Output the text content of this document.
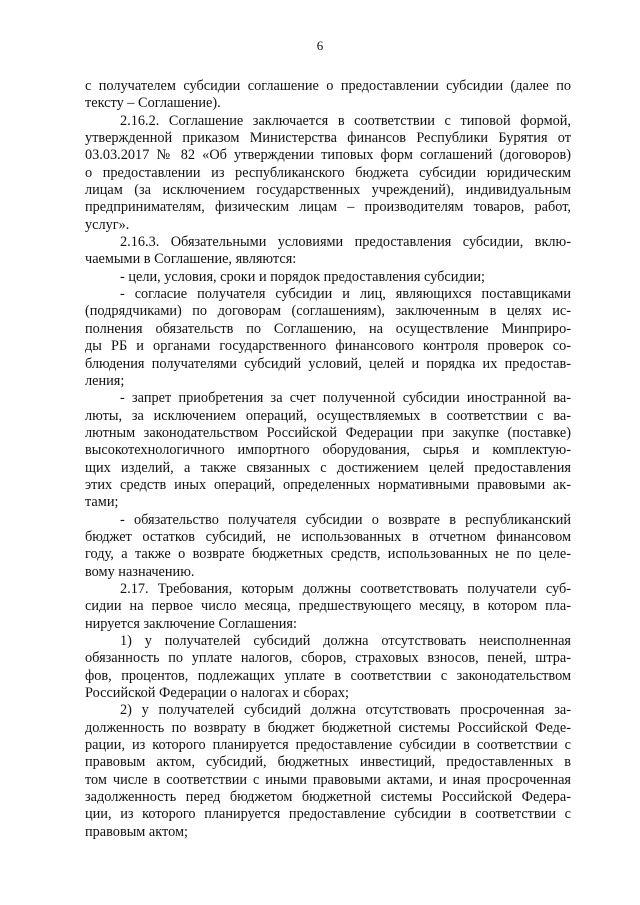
6
с получателем субсидии соглашение о предоставлении субсидии (далее по
тексту – Соглашение).
2.16.2. Соглашение заключается в соответствии с типовой формой,
утвержденной приказом Министерства финансов Республики Бурятия от
03.03.2017 № 82 «Об утверждении типовых форм соглашений (договоров)
о предоставлении из республиканского бюджета субсидии юридическим
лицам (за исключением государственных учреждений), индивидуальным
предпринимателям, физическим лицам – производителям товаров, работ,
услуг».
2.16.3. Обязательными условиями предоставления субсидии, вклю-
чаемыми в Соглашение, являются:
- цели, условия, сроки и порядок предоставления субсидии;
- согласие получателя субсидии и лиц, являющихся поставщиками
(подрядчиками) по договорам (соглашениям), заключенным в целях ис-
полнения обязательств по Соглашению, на осуществление Минприро-
ды РБ и органами государственного финансового контроля проверок со-
блюдения получателями субсидий условий, целей и порядка их предостав-
ления;
- запрет приобретения за счет полученной субсидии иностранной ва-
люты, за исключением операций, осуществляемых в соответствии с ва-
лютным законодательством Российской Федерации при закупке (поставке)
высокотехнологичного импортного оборудования, сырья и комплектую-
щих изделий, а также связанных с достижением целей предоставления
этих средств иных операций, определенных нормативными правовыми ак-
тами;
- обязательство получателя субсидии о возврате в республиканский
бюджет остатков субсидий, не использованных в отчетном финансовом
году, а также о возврате бюджетных средств, использованных не по целе-
вому назначению.
2.17. Требования, которым должны соответствовать получатели суб-
сидии на первое число месяца, предшествующего месяцу, в котором пла-
нируется заключение Соглашения:
1) у получателей субсидий должна отсутствовать неисполненная
обязанность по уплате налогов, сборов, страховых взносов, пеней, штра-
фов, процентов, подлежащих уплате в соответствии с законодательством
Российской Федерации о налогах и сборах;
2) у получателей субсидий должна отсутствовать просроченная за-
долженность по возврату в бюджет бюджетной системы Российской Феде-
рации, из которого планируется предоставление субсидии в соответствии с
правовым актом, субсидий, бюджетных инвестиций, предоставленных в
том числе в соответствии с иными правовыми актами, и иная просроченная
задолженность перед бюджетом бюджетной системы Российской Федера-
ции, из которого планируется предоставление субсидии в соответствии с
правовым актом;
